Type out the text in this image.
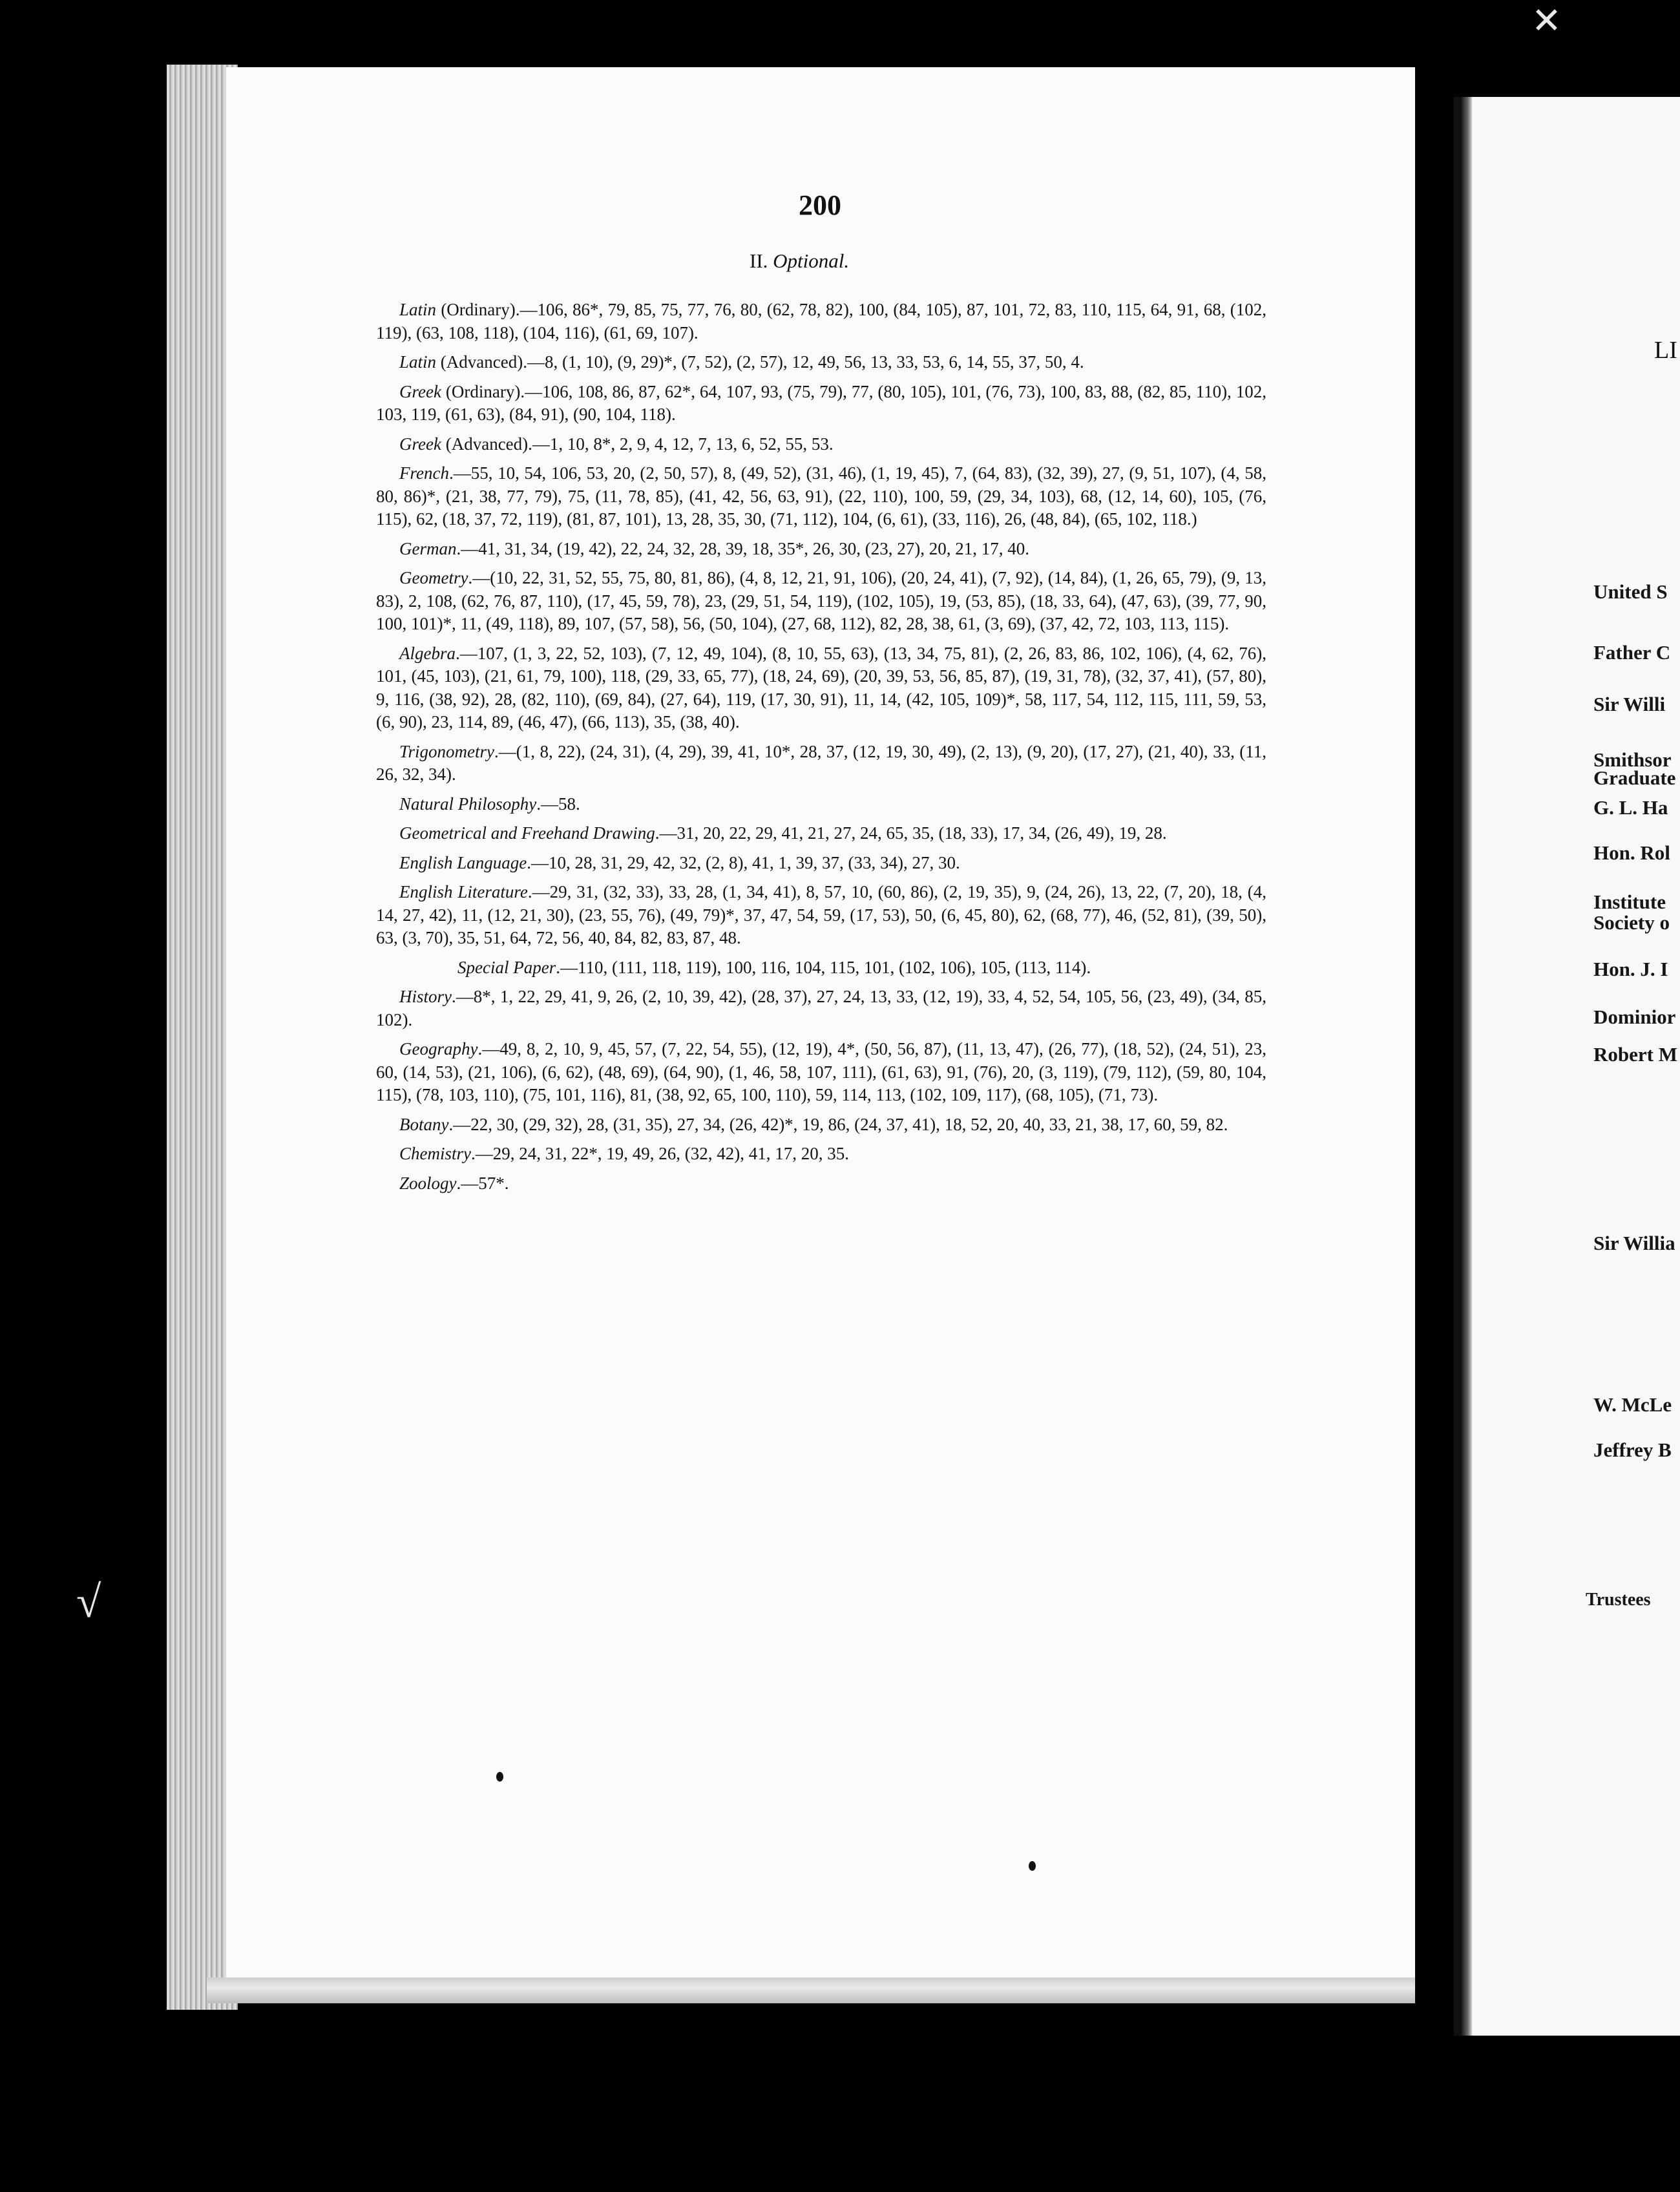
200
II. Optional.

Latin (Ordinary).—106, 86*, 79, 85, 75, 77, 76, 80, (62, 78, 82), 100, (84, 105), 87, 101, 72, 83, 110, 115, 64, 91, 68, (102, 119), (63, 108, 118), (104, 116), (61, 69, 107).

Latin (Advanced).—8, (1, 10), (9, 29)*, (7, 52), (2, 57), 12, 49, 56, 13, 33, 53, 6, 14, 55, 37, 50, 4.

Greek (Ordinary).—106, 108, 86, 87, 62*, 64, 107, 93, (75, 79), 77, (80, 105), 101, (76, 73), 100, 83, 88, (82, 85, 110), 102, 103, 119, (61, 63), (84, 91), (90, 104, 118).

Greek (Advanced).—1, 10, 8*, 2, 9, 4, 12, 7, 13, 6, 52, 55, 53.

French.—55, 10, 54, 106, 53, 20, (2, 50, 57), 8, (49, 52), (31, 46), (1, 19, 45), 7, (64, 83), (32, 39), 27, (9, 51, 107), (4, 58, 80, 86)*, (21, 38, 77, 79), 75, (11, 78, 85), (41, 42, 56, 63, 91), (22, 110), 100, 59, (29, 34, 103), 68, (12, 14, 60), 105, (76, 115), 62, (18, 37, 72, 119), (81, 87, 101), 13, 28, 35, 30, (71, 112), 104, (6, 61), (33, 116), 26, (48, 84), (65, 102, 118.)

German.—41, 31, 34, (19, 42), 22, 24, 32, 28, 39, 18, 35*, 26, 30, (23, 27), 20, 21, 17, 40.

Geometry.—(10, 22, 31, 52, 55, 75, 80, 81, 86), (4, 8, 12, 21, 91, 106), (20, 24, 41), (7, 92), (14, 84), (1, 26, 65, 79), (9, 13, 83), 2, 108, (62, 76, 87, 110), (17, 45, 59, 78), 23, (29, 51, 54, 119), (102, 105), 19, (53, 85), (18, 33, 64), (47, 63), (39, 77, 90, 100, 101)*, 11, (49, 118), 89, 107, (57, 58), 56, (50, 104), (27, 68, 112), 82, 28, 38, 61, (3, 69), (37, 42, 72, 103, 113, 115).

Algebra.—107, (1, 3, 22, 52, 103), (7, 12, 49, 104), (8, 10, 55, 63), (13, 34, 75, 81), (2, 26, 83, 86, 102, 106), (4, 62, 76), 101, (45, 103), (21, 61, 79, 100), 118, (29, 33, 65, 77), (18, 24, 69), (20, 39, 53, 56, 85, 87), (19, 31, 78), (32, 37, 41), (57, 80), 9, 116, (38, 92), 28, (82, 110), (69, 84), (27, 64), 119, (17, 30, 91), 11, 14, (42, 105, 109)*, 58, 117, 54, 112, 115, 111, 59, 53, (6, 90), 23, 114, 89, (46, 47), (66, 113), 35, (38, 40).

Trigonometry.—(1, 8, 22), (24, 31), (4, 29), 39, 41, 10*, 28, 37, (12, 19, 30, 49), (2, 13), (9, 20), (17, 27), (21, 40), 33, (11, 26, 32, 34).

Natural Philosophy.—58.

Geometrical and Freehand Drawing.—31, 20, 22, 29, 41, 21, 27, 24, 65, 35, (18, 33), 17, 34, (26, 49), 19, 28.

English Language.—10, 28, 31, 29, 42, 32, (2, 8), 41, 1, 39, 37, (33, 34), 27, 30.

English Literature.—29, 31, (32, 33), 33, 28, (1, 34, 41), 8, 57, 10, (60, 86), (2, 19, 35), 9, (24, 26), 13, 22, (7, 20), 18, (4, 14, 27, 42), 11, (12, 21, 30), (23, 55, 76), (49, 79)*, 37, 47, 54, 59, (17, 53), 50, (6, 45, 80), 62, (68, 77), 46, (52, 81), (39, 50), 63, (3, 70), 35, 51, 64, 72, 56, 40, 84, 82, 83, 87, 48.

Special Paper.—110, (111, 118, 119), 100, 116, 104, 115, 101, (102, 106), 105, (113, 114).

History.—8*, 1, 22, 29, 41, 9, 26, (2, 10, 39, 42), (28, 37), 27, 24, 13, 33, (12, 19), 33, 4, 52, 54, 105, 56, (23, 49), (34, 85, 102).

Geography.—49, 8, 2, 10, 9, 45, 57, (7, 22, 54, 55), (12, 19), 4*, (50, 56, 87), (11, 13, 47), (26, 77), (18, 52), (24, 51), 23, 60, (14, 53), (21, 106), (6, 62), (48, 69), (64, 90), (1, 46, 58, 107, 111), (61, 63), 91, (76), 20, (3, 119), (79, 112), (59, 80, 104, 115), (78, 103, 110), (75, 101, 116), 81, (38, 92, 65, 100, 110), 59, 114, 113, (102, 109, 117), (68, 105), (71, 73).

Botany.—22, 30, (29, 32), 28, (31, 35), 27, 34, (26, 42)*, 19, 86, (24, 37, 41), 18, 52, 20, 40, 33, 21, 38, 17, 60, 59, 82.

Chemistry.—29, 24, 31, 22*, 19, 49, 26, (32, 42), 41, 17, 20, 35.

Zoology.—57*.

LI
United S
Father C
Sir Willi
Smithsor
Graduate
G. L. Ha
Hon. Rol
Institute
Society o
Hon. J. I
Dominior
Robert M
Sir Willia
W. McLe
Jeffrey B
Trustees
✕
√
